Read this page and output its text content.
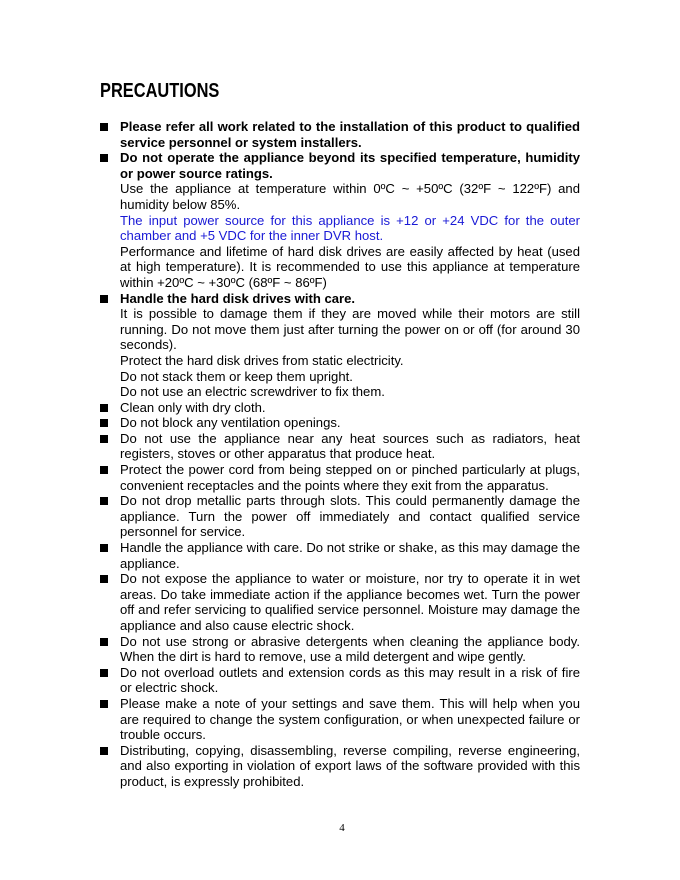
PRECAUTIONS

Please refer all work related to the installation of this product to qualified service personnel or system installers.

Do not operate the appliance beyond its specified temperature, humidity or power source ratings.

Use the appliance at temperature within 0ºC ~ +50ºC (32ºF ~ 122ºF) and humidity below 85%.

The input power source for this appliance is +12 or +24 VDC for the outer chamber and +5 VDC for the inner DVR host.

Performance and lifetime of hard disk drives are easily affected by heat (used at high temperature). It is recommended to use this appliance at temperature within +20ºC ~ +30ºC (68ºF ~ 86ºF)

Handle the hard disk drives with care.

It is possible to damage them if they are moved while their motors are still running. Do not move them just after turning the power on or off (for around 30 seconds).

Protect the hard disk drives from static electricity.

Do not stack them or keep them upright.

Do not use an electric screwdriver to fix them.

Clean only with dry cloth.

Do not block any ventilation openings.

Do not use the appliance near any heat sources such as radiators, heat registers, stoves or other apparatus that produce heat.

Protect the power cord from being stepped on or pinched particularly at plugs, convenient receptacles and the points where they exit from the apparatus.

Do not drop metallic parts through slots. This could permanently damage the appliance. Turn the power off immediately and contact qualified service personnel for service.

Handle the appliance with care. Do not strike or shake, as this may damage the appliance.

Do not expose the appliance to water or moisture, nor try to operate it in wet areas. Do take immediate action if the appliance becomes wet. Turn the power off and refer servicing to qualified service personnel. Moisture may damage the appliance and also cause electric shock.

Do not use strong or abrasive detergents when cleaning the appliance body. When the dirt is hard to remove, use a mild detergent and wipe gently.

Do not overload outlets and extension cords as this may result in a risk of fire or electric shock.

Please make a note of your settings and save them. This will help when you are required to change the system configuration, or when unexpected failure or trouble occurs.

Distributing, copying, disassembling, reverse compiling, reverse engineering, and also exporting in violation of export laws of the software provided with this product, is expressly prohibited.

4
